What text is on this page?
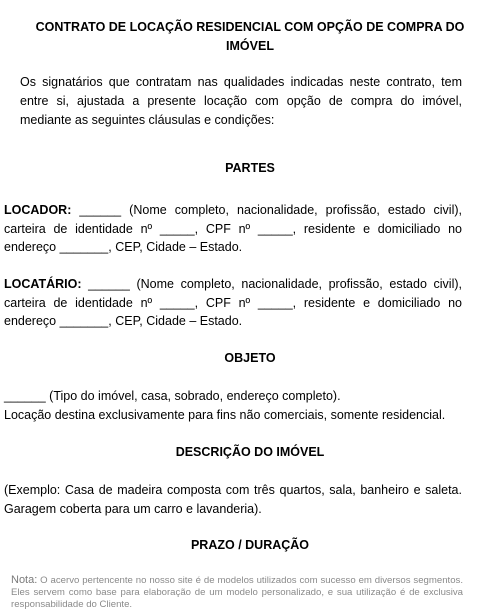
CONTRATO DE LOCAÇÃO RESIDENCIAL COM OPÇÃO DE COMPRA DO IMÓVEL
Os signatários que contratam nas qualidades indicadas neste contrato, tem entre si, ajustada a presente locação com opção de compra do imóvel, mediante as seguintes cláusulas e condições:
PARTES
LOCADOR: ______ (Nome completo, nacionalidade, profissão, estado civil), carteira de identidade nº _____, CPF nº _____, residente e domiciliado no endereço _______, CEP, Cidade – Estado.
LOCATÁRIO: ______ (Nome completo, nacionalidade, profissão, estado civil), carteira de identidade nº _____, CPF nº _____, residente e domiciliado no endereço _______, CEP, Cidade – Estado.
OBJETO
______ (Tipo do imóvel, casa, sobrado, endereço completo).
Locação destina exclusivamente para fins não comerciais, somente residencial.
DESCRIÇÃO DO IMÓVEL
(Exemplo: Casa de madeira composta com três quartos, sala, banheiro e saleta. Garagem coberta para um carro e lavanderia).
PRAZO / DURAÇÃO
Nota: O acervo pertencente no nosso site é de modelos utilizados com sucesso em diversos segmentos. Eles servem como base para elaboração de um modelo personalizado, e sua utilização é de exclusiva responsabilidade do Cliente.
